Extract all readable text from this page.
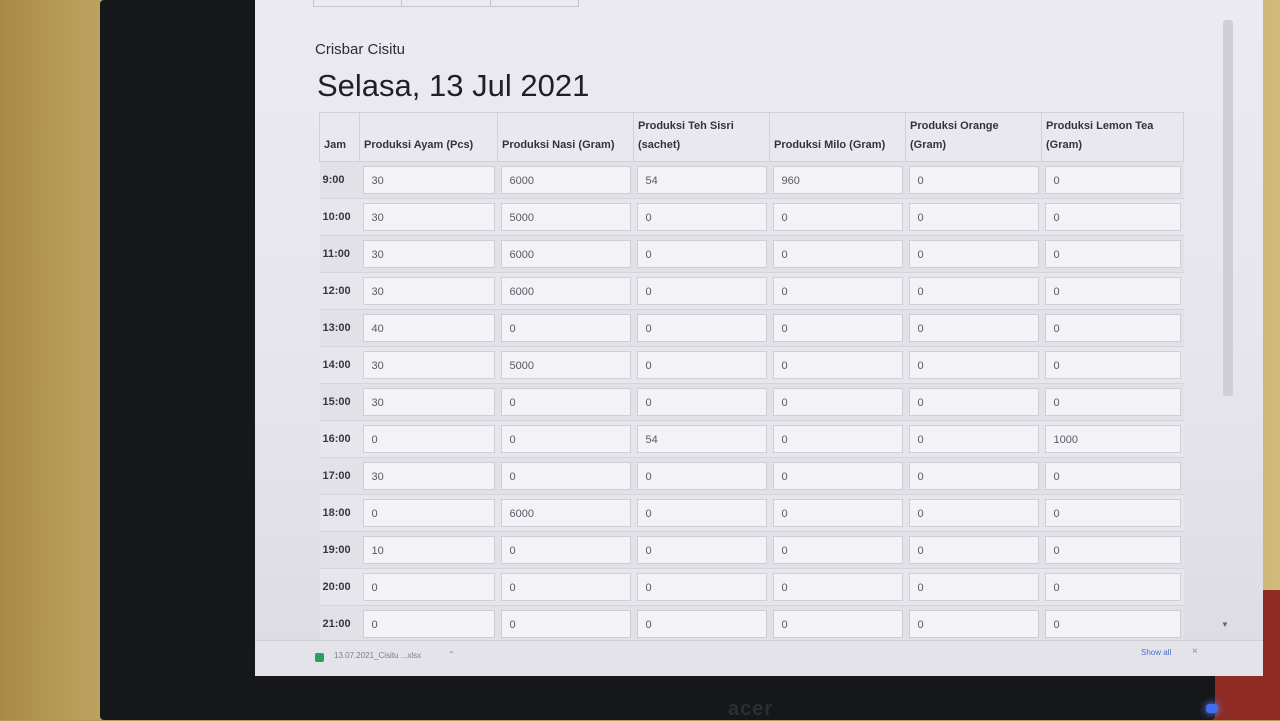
acer
▼
Crisbar Cisitu
Selasa, 13 Jul 2021
Jam	Produksi Ayam (Pcs)	Produksi Nasi (Gram)	Produksi Teh Sisri (sachet)	Produksi Milo (Gram)	Produksi Orange (Gram)	Produksi Lemon Tea (Gram)
9:00	30	6000	54	960	0	0

10:00	30	5000	0	0	0	0

11:00	30	6000	0	0	0	0

12:00	30	6000	0	0	0	0

13:00	40	0	0	0	0	0

14:00	30	5000	0	0	0	0

15:00	30	0	0	0	0	0

16:00	0	0	54	0	0	1000

17:00	30	0	0	0	0	0

18:00	0	6000	0	0	0	0

19:00	10	0	0	0	0	0

20:00	0	0	0	0	0	0

21:00	0	0	0	0	0	0
13.07.2021_Cisitu ...xlsx	⌃	Show all ×
